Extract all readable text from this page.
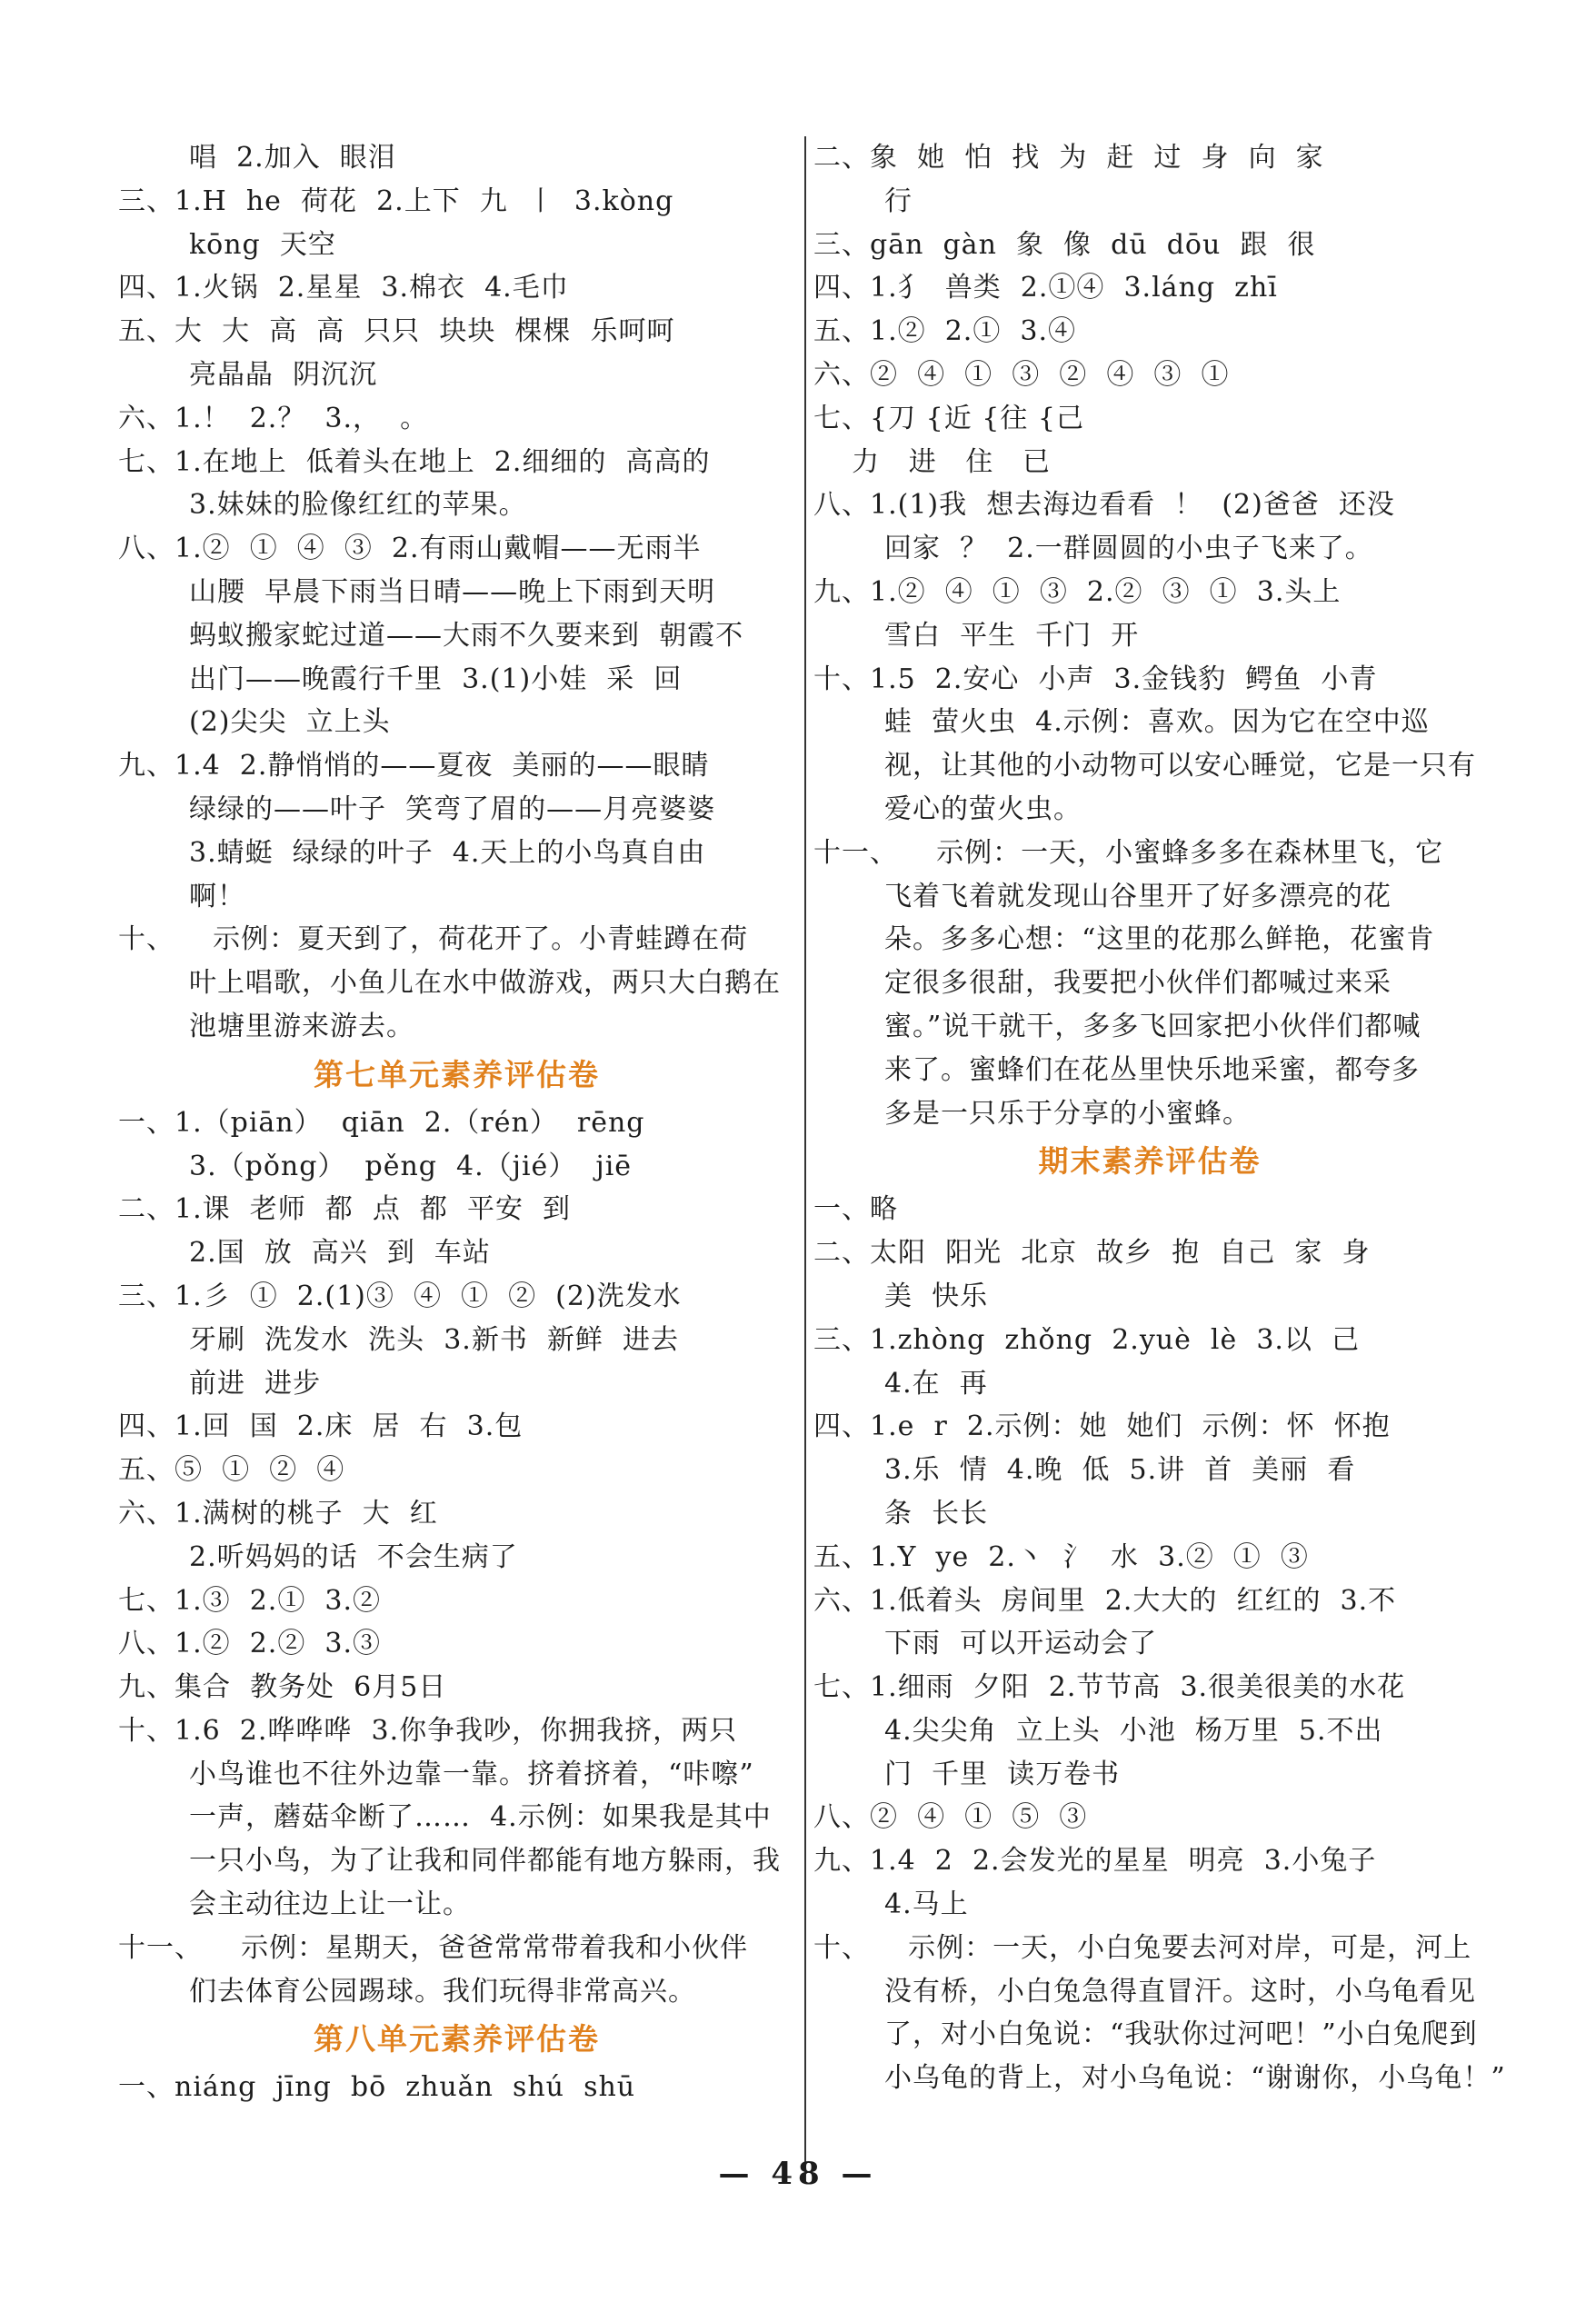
唱  2.加入  眼泪
三、1.H  he  荷花  2.上下  九  丨  3.kòng
kōng  天空
四、1.火锅  2.星星  3.棉衣  4.毛巾
五、大  大  高  高  只只  块块  棵棵  乐呵呵
亮晶晶  阴沉沉
六、1.！  2.？  3.，  。
七、1.在地上  低着头在地上  2.细细的  高高的
3.妹妹的脸像红红的苹果。
八、1.②  ①  ④  ③  2.有雨山戴帽——无雨半
山腰  早晨下雨当日晴——晚上下雨到天明
蚂蚁搬家蛇过道——大雨不久要来到  朝霞不
出门——晚霞行千里  3.(1)小娃  采  回
(2)尖尖  立上头
九、1.4  2.静悄悄的——夏夜  美丽的——眼睛
绿绿的——叶子  笑弯了眉的——月亮婆婆
3.蜻蜓  绿绿的叶子  4.天上的小鸟真自由
啊！
十、    示例：夏天到了，荷花开了。小青蛙蹲在荷
叶上唱歌，小鱼儿在水中做游戏，两只大白鹅在
池塘里游来游去。
第七单元素养评估卷
一、1.（piān）  qiān  2.（rén）  rēng
3.（pǒng）  pěng  4.（jié）  jiē
二、1.课  老师  都  点  都  平安  到
2.国  放  高兴  到  车站
三、1.彡  ①  2.(1)③  ④  ①  ②  (2)洗发水
牙刷  洗发水  洗头  3.新书  新鲜  进去
前进  进步
四、1.回  国  2.床  居  右  3.包
五、⑤  ①  ②  ④
六、1.满树的桃子  大  红
2.听妈妈的话  不会生病了
七、1.③  2.①  3.②
八、1.②  2.②  3.③
九、集合  教务处  6月5日
十、1.6  2.哗哗哗  3.你争我吵，你拥我挤，两只
小鸟谁也不往外边靠一靠。挤着挤着，“咔嚓”
一声，蘑菇伞断了……  4.示例：如果我是其中
一只小鸟，为了让我和同伴都能有地方躲雨，我
会主动往边上让一让。
十一、    示例：星期天，爸爸常常带着我和小伙伴
们去体育公园踢球。我们玩得非常高兴。
第八单元素养评估卷
一、niáng  jīng  bō  zhuǎn  shú  shū
二、象  她  怕  找  为  赶  过  身  向  家
行
三、gān  gàn  象  像  dū  dōu  跟  很
四、1.犭  兽类  2.①④  3.láng  zhī
五、1.②  2.①  3.④
六、②  ④  ①  ③  ②  ④  ③  ①
七、{刀 {近 {往 {己
力   进   住   已
八、1.(1)我  想去海边看看  ！  (2)爸爸  还没
回家  ？  2.一群圆圆的小虫子飞来了。
九、1.②  ④  ①  ③  2.②  ③  ①  3.头上
雪白  平生  千门  开
十、1.5  2.安心  小声  3.金钱豹  鳄鱼  小青
蛙  萤火虫  4.示例：喜欢。因为它在空中巡
视，让其他的小动物可以安心睡觉，它是一只有
爱心的萤火虫。
十一、    示例：一天，小蜜蜂多多在森林里飞，它
飞着飞着就发现山谷里开了好多漂亮的花
朵。多多心想：“这里的花那么鲜艳，花蜜肯
定很多很甜，我要把小伙伴们都喊过来采
蜜。”说干就干，多多飞回家把小伙伴们都喊
来了。蜜蜂们在花丛里快乐地采蜜，都夸多
多是一只乐于分享的小蜜蜂。
期末素养评估卷
一、略
二、太阳  阳光  北京  故乡  抱  自己  家  身
美  快乐
三、1.zhòng  zhǒng  2.yuè  lè  3.以  己
4.在  再
四、1.e  r  2.示例：她  她们  示例：怀  怀抱
3.乐  情  4.晚  低  5.讲  首  美丽  看
条  长长
五、1.Y  ye  2.丶  氵  水  3.②  ①  ③
六、1.低着头  房间里  2.大大的  红红的  3.不
下雨  可以开运动会了
七、1.细雨  夕阳  2.节节高  3.很美很美的水花
4.尖尖角  立上头  小池  杨万里  5.不出
门  千里  读万卷书
八、②  ④  ①  ⑤  ③
九、1.4  2  2.会发光的星星  明亮  3.小兔子
4.马上
十、    示例：一天，小白兔要去河对岸，可是，河上
没有桥，小白兔急得直冒汗。这时，小乌龟看见
了，对小白兔说：“我驮你过河吧！”小白兔爬到
小乌龟的背上，对小乌龟说：“谢谢你，小乌龟！”
— 48 —
